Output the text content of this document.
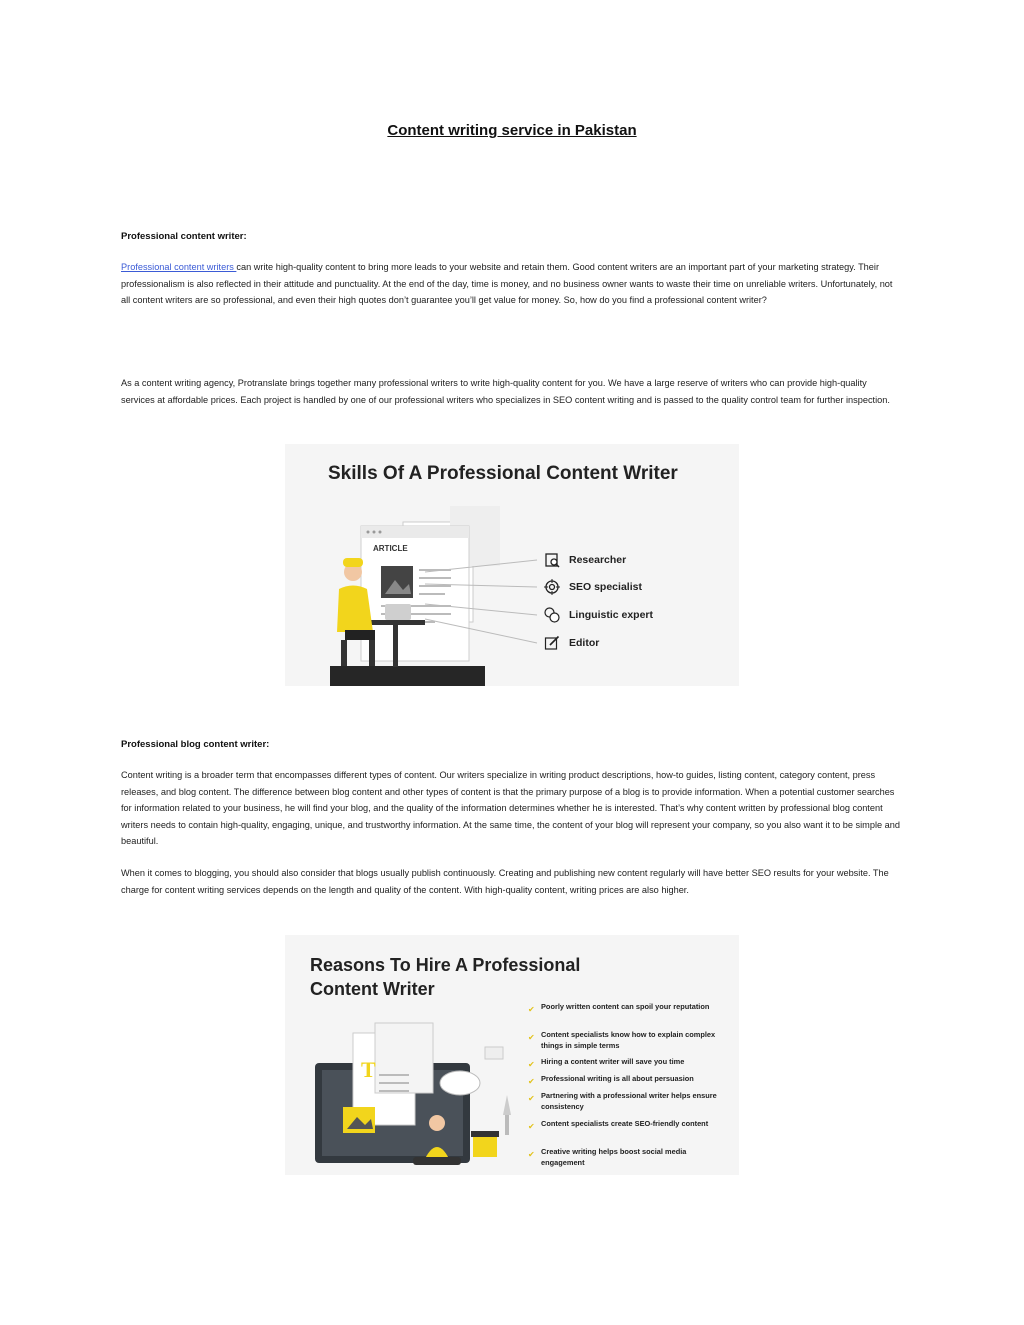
Content writing service in Pakistan
Professional content writer:
Professional content writers can write high-quality content to bring more leads to your website and retain them. Good content writers are an important part of your marketing strategy. Their professionalism is also reflected in their attitude and punctuality. At the end of the day, time is money, and no business owner wants to waste their time on unreliable writers. Unfortunately, not all content writers are so professional, and even their high quotes don’t guarantee you’ll get value for money. So, how do you find a professional content writer?
As a content writing agency, Protranslate brings together many professional writers to write high-quality content for you. We have a large reserve of writers who can provide high-quality services at affordable prices. Each project is handled by one of our professional writers who specializes in SEO content writing and is passed to the quality control team for further inspection.
Skills Of A Professional Content Writer
ARTICLE
Researcher
SEO specialist
Linguistic expert
Editor
Professional blog content writer:
Content writing is a broader term that encompasses different types of content. Our writers specialize in writing product descriptions, how-to guides, listing content, category content, press releases, and blog content. The difference between blog content and other types of content is that the primary purpose of a blog is to provide information. When a potential customer searches for information related to your business, he will find your blog, and the quality of the information determines whether he is interested. That’s why content written by professional blog content writers needs to contain high-quality, engaging, unique, and trustworthy information. At the same time, the content of your blog will represent your company, so you also want it to be simple and beautiful.
When it comes to blogging, you should also consider that blogs usually publish continuously. Creating and publishing new content regularly will have better SEO results for your website. The charge for content writing services depends on the length and quality of the content. With high-quality content, writing prices are also higher.
Reasons To Hire A Professional
Content Writer
T
✔ Poorly written content can spoil your reputation
✔ Content specialists know how to explain complex things in simple terms
✔ Hiring a content writer will save you time
✔ Professional writing is all about persuasion
✔ Partnering with a professional writer helps ensure consistency
✔ Content specialists create SEO-friendly content
✔ Creative writing helps boost social media engagement
